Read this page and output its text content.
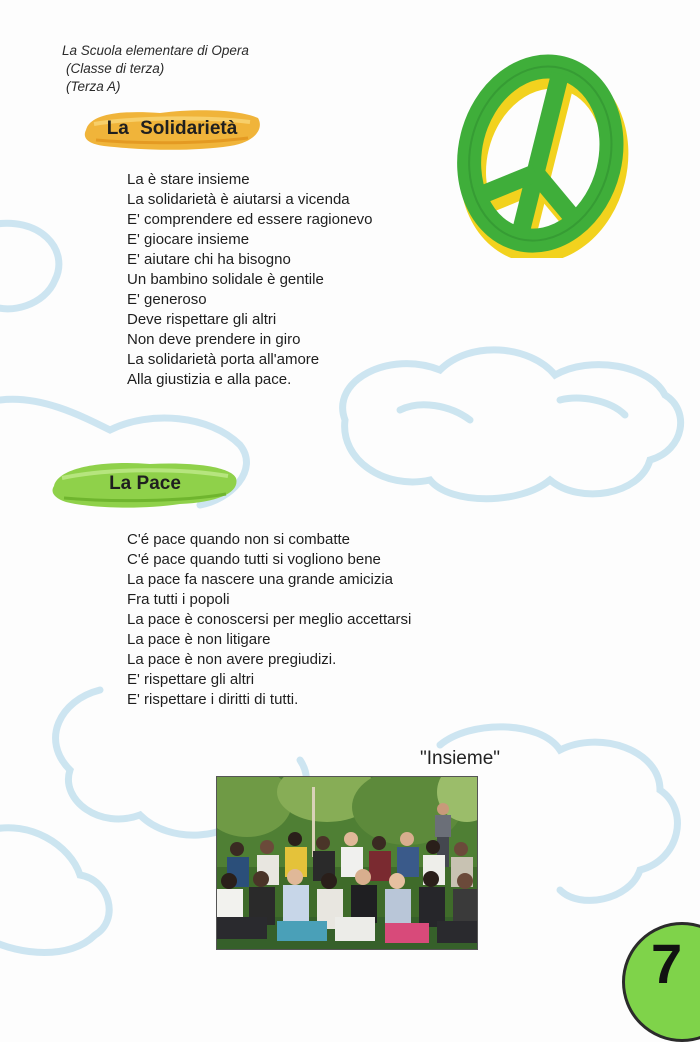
La Scuola elementare di Opera
(Classe di terza)
(Terza A)
La Solidarietà
La è stare insieme
La solidarietà è aiutarsi a vicenda
E' comprendere ed essere ragionevo
E' giocare insieme
E' aiutare chi ha bisogno
Un bambino solidale è gentile
E' generoso
Deve rispettare gli altri
Non deve prendere in giro
La solidarietà porta all'amore
Alla giustizia e alla pace.
La Pace
C'é pace quando non si combatte
C'é pace quando tutti si vogliono bene
La pace fa nascere una grande amicizia
Fra tutti i popoli
La pace è conoscersi per meglio accettarsi
La pace è non litigare
La pace è non avere pregiudizi.
E' rispettare gli altri
E' rispettare i diritti di tutti.
"Insieme"
7
